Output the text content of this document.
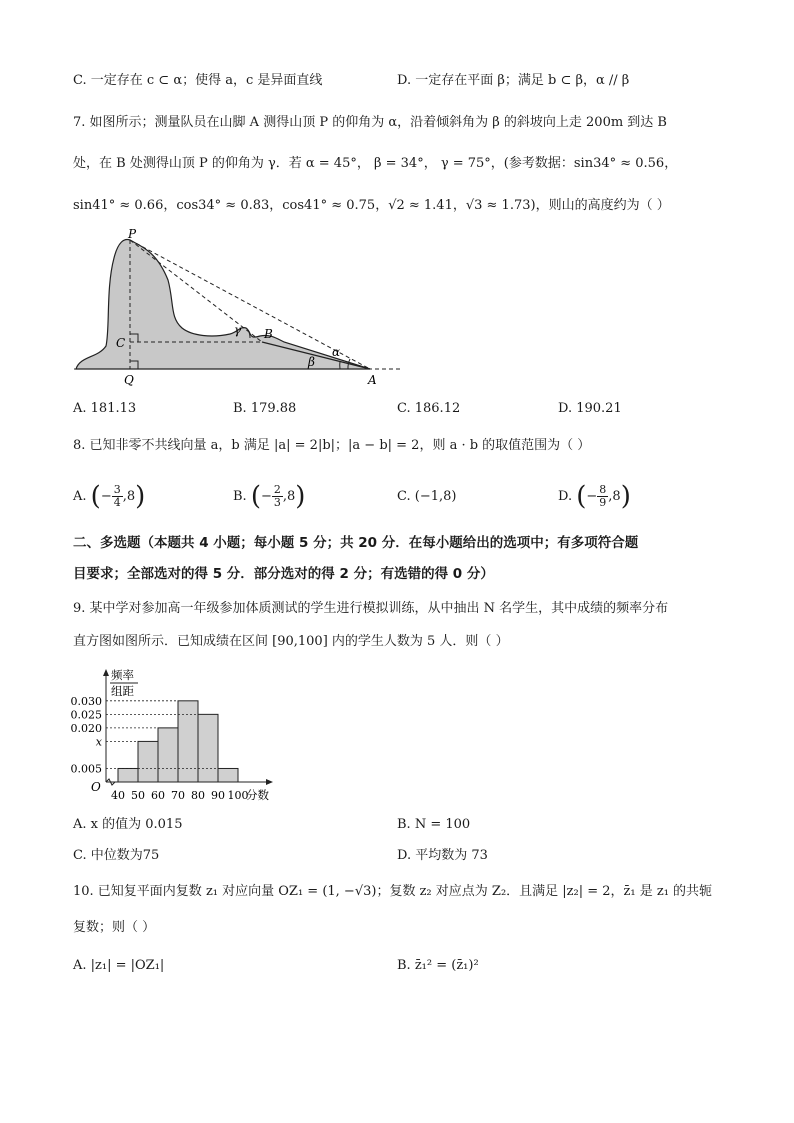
C. 一定存在 c ⊂ α；使得 a，c 是异面直线	D. 一定存在平面 β；满足 b ⊂ β，α // β
7. 如图所示；测量队员在山脚 A 测得山顶 P 的仰角为 α，沿着倾斜角为 β 的斜坡向上走 200m 到达 B
处，在 B 处测得山顶 P 的仰角为 γ．若 α = 45°， β = 34°， γ = 75°，(参考数据：sin34° ≈ 0.56，
sin41° ≈ 0.66，cos34° ≈ 0.83，cos41° ≈ 0.75，√2 ≈ 1.41，√3 ≈ 1.73)，则山的高度约为（ ）
P
C
B
Q	A
γ
β
α
A. 181.13	B. 179.88	C. 186.12	D. 190.21
8. 已知非零不共线向量 a，b 满足 |a| = 2|b|；|a − b| = 2，则 a · b 的取值范围为（ ）
A. (− $\frac{3}{4} ,8$)	B. (− $\frac{2}{3} ,8$)	C. (−1,8)	D. (− $\frac{8}{9} ,8$)
二、多选题（本题共 4 小题；每小题 5 分；共 20 分．在每小题给出的选项中；有多项符合题
目要求；全部选对的得 5 分．部分选对的得 2 分；有选错的得 0 分）
9. 某中学对参加高一年级参加体质测试的学生进行模拟训练，从中抽出 N 名学生，其中成绩的频率分布
直方图如图所示．已知成绩在区间 [90,100] 内的学生人数为 5 人．则（ ）
0.030
0.025
0.020
x
0.005
40 50 60 70 80 90 100
频率
组距
分数
O
A. x 的值为 0.015	B. N = 100
C. 中位数为75	D. 平均数为 73
10. 已知复平面内复数 z₁ 对应向量 OZ₁ = (1, −√3)；复数 z₂ 对应点为 Z₂．且满足 |z₂| = 2，z̄₁ 是 z₁ 的共轭
复数；则（ ）
A. |z₁| = |OZ₁|	B. z̄₁² = (z̄₁)²
